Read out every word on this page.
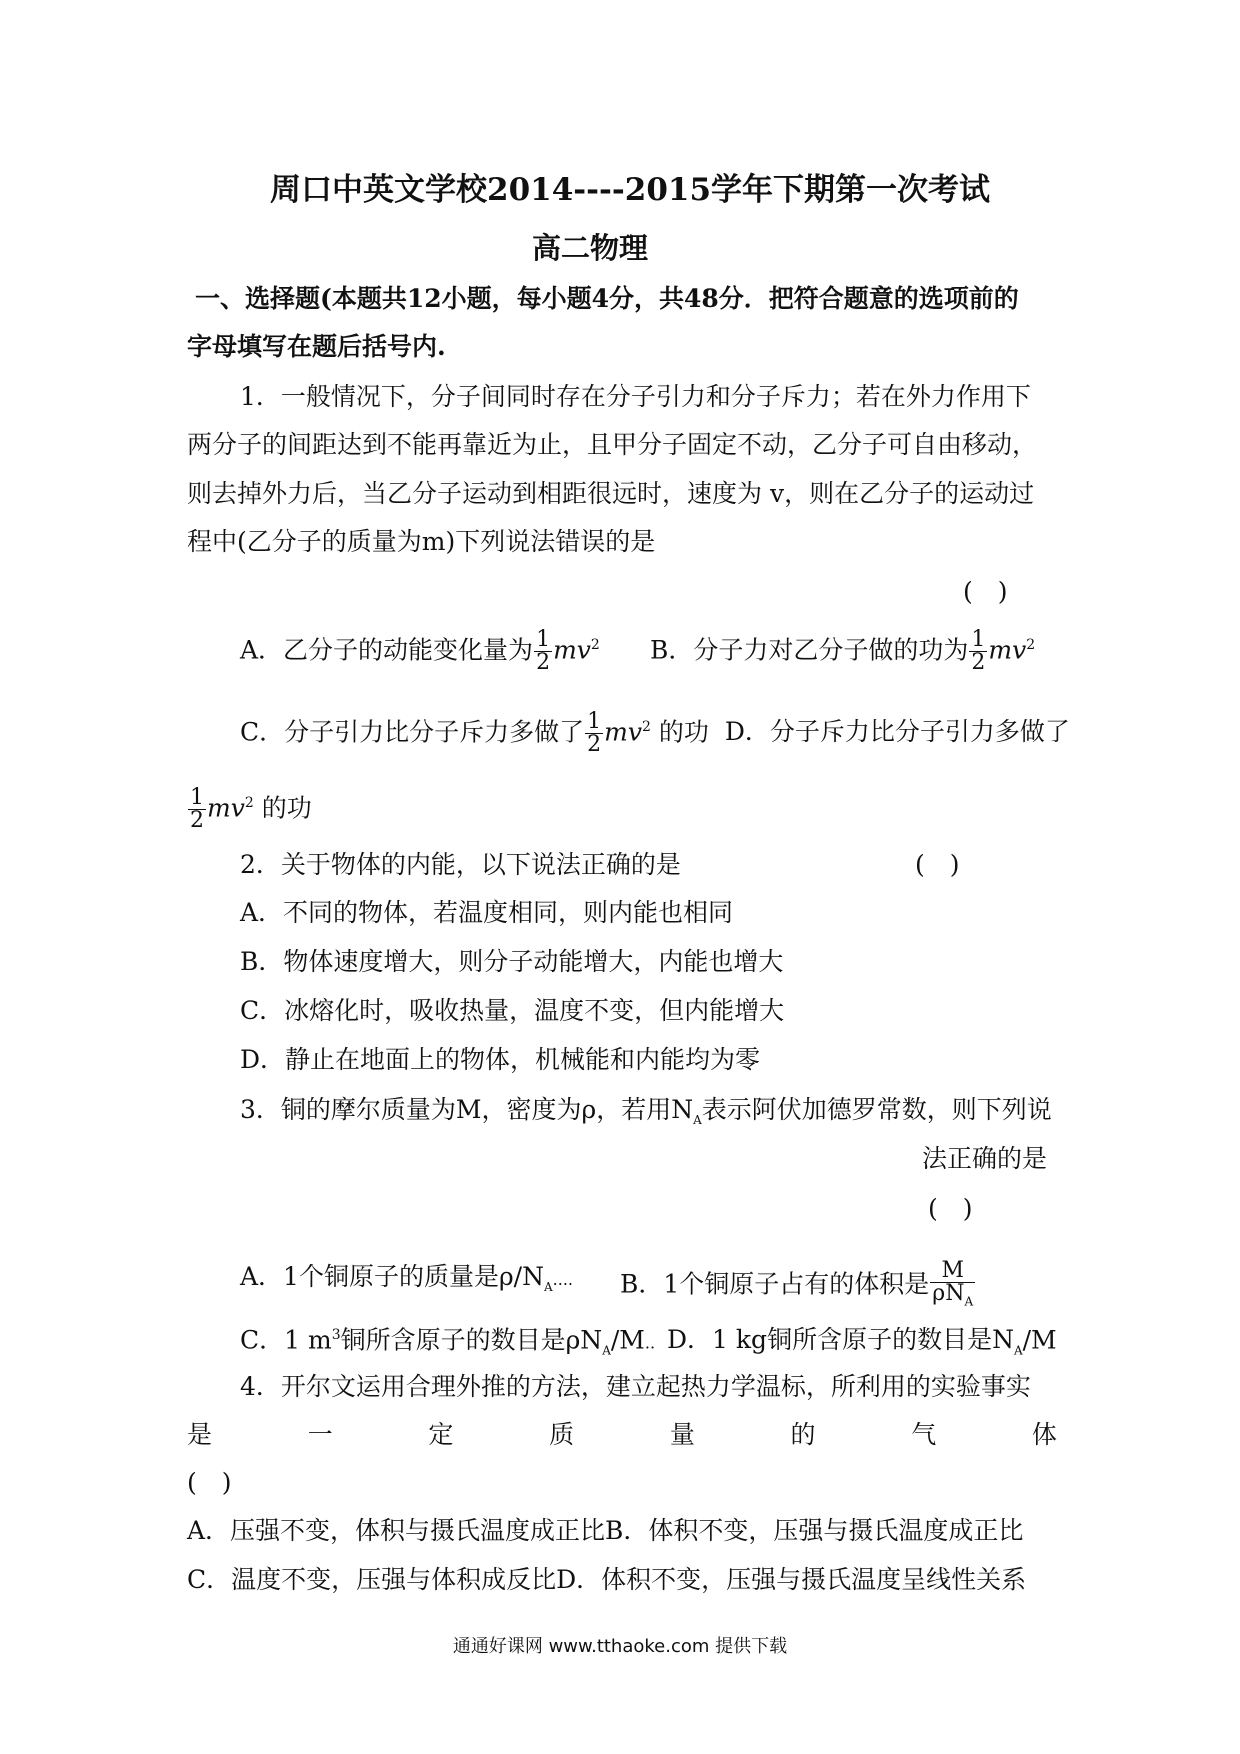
周口中英文学校2014----2015学年下期第一次考试
高二物理
一、选择题(本题共12小题，每小题4分，共48分．把符合题意的选项前的
字母填写在题后括号内.
1．一般情况下，分子间同时存在分子引力和分子斥力；若在外力作用下
两分子的间距达到不能再靠近为止，且甲分子固定不动，乙分子可自由移动，
则去掉外力后，当乙分子运动到相距很远时，速度为 v，则在乙分子的运动过
程中(乙分子的质量为m)下列说法错误的是
(　)
A．乙分子的动能变化量为 $\frac{1}{2} mv^2$ B．分子力对乙分子做的功为 $\frac{1}{2} mv^2$
C．分子引力比分子斥力多做了 $\frac{1}{2} mv^2$ 的功 D．分子斥力比分子引力多做了
$\frac{1}{2} mv^2$ 的功
2．关于物体的内能，以下说法正确的是	(　)
A．不同的物体，若温度相同，则内能也相同
B．物体速度增大，则分子动能增大，内能也增大
C．冰熔化时，吸收热量，温度不变，但内能增大
D．静止在地面上的物体，机械能和内能均为零
3．铜的摩尔质量为M，密度为ρ，若用$N_A$表示阿伏加德罗常数，则下列说
法正确的是
(　)
A．1个铜原子的质量是$\rho/N_A$.... B．1个铜原子占有的体积是 $\frac{M}{\rho N_A}$
C．1 $m^3$铜所含原子的数目是$\rho N_A/M$.. D．1 kg铜所含原子的数目是$N_A/M$
4．开尔文运用合理外推的方法，建立起热力学温标，所利用的实验事实
是	一	定	质	量	的	气	体
(　)
A．压强不变，体积与摄氏温度成正比B．体积不变，压强与摄氏温度成正比
C．温度不变，压强与体积成反比D．体积不变，压强与摄氏温度呈线性关系
通通好课网 www.tthaoke.com 提供下载
